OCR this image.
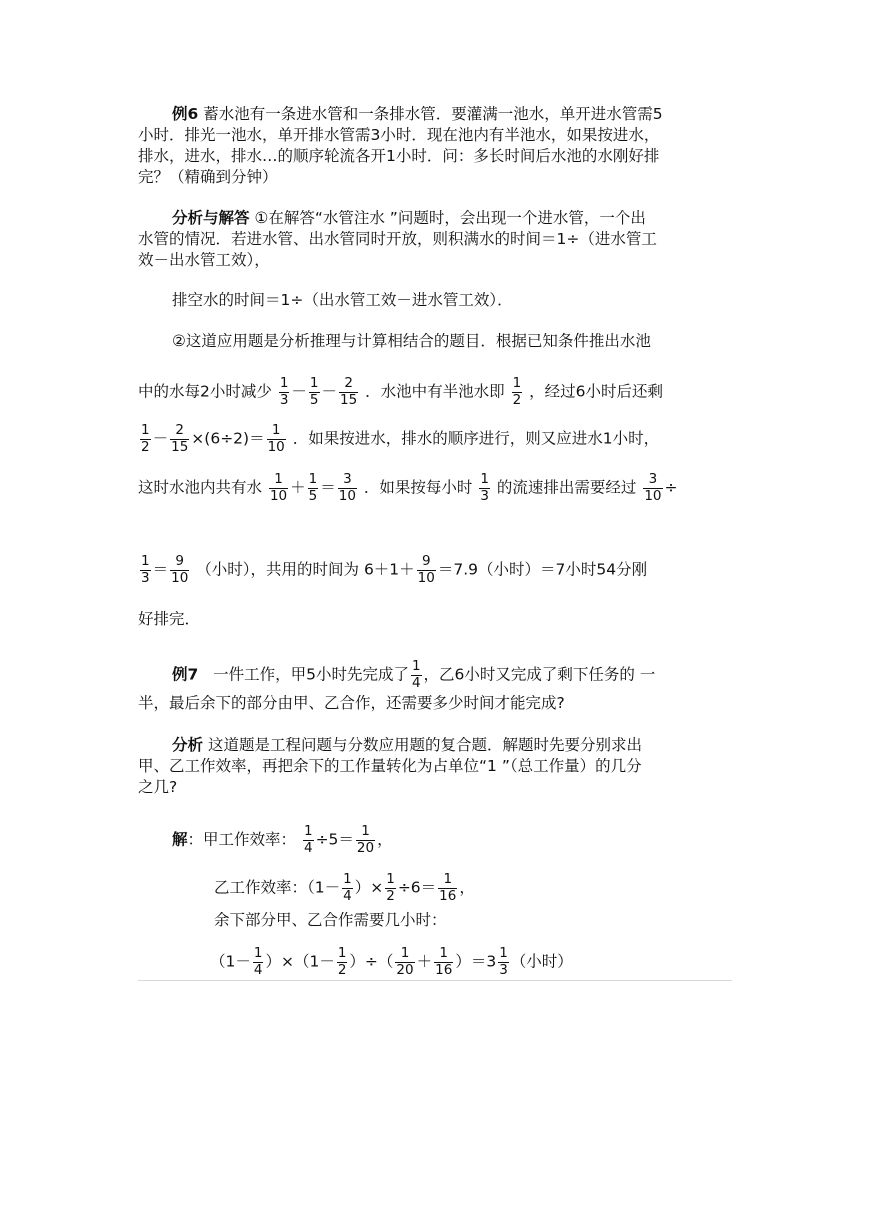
例6 蓄水池有一条进水管和一条排水管．要灌满一池水，单开进水管需5
小时．排光一池水，单开排水管需3小时．现在池内有半池水，如果按进水，
排水，进水，排水…的顺序轮流各开1小时．问：多长时间后水池的水刚好排
完？（精确到分钟）
分析与解答 ①在解答“水管注水 ”问题时，会出现一个进水管，一个出
水管的情况．若进水管、出水管同时开放，则积满水的时间＝1÷（进水管工
效－出水管工效），
排空水的时间＝1÷（出水管工效－进水管工效）．
②这道应用题是分析推理与计算相结合的题目．根据已知条件推出水池
中的水每2小时减少 $\frac{1}{3} - \frac{1}{5} - \frac{2}{15}$ ．水池中有半池水即 $\frac{1}{2}$ ，经过6小时后还剩
$\frac{1}{2} - \frac{2}{15} \times(6\div 2)= \frac{1}{10}$ ．如果按进水，排水的顺序进行，则又应进水1小时，
这时水池内共有水 $\frac{1}{10} + \frac{1}{5} = \frac{3}{10}$ ．如果按每小时 $\frac{1}{3}$ 的流速排出需要经过 $\frac{3}{10}$ ÷
$\frac{1}{3} = \frac{9}{10}$ （小时），共用的时间为 $6+1+ \frac{9}{10} =7.9$（小时）＝7小时54分刚
好排完．
例7 一件工作，甲5小时先完成了 $\frac{1}{4}$ ，乙6小时又完成了剩下任务的 一
半，最后余下的部分由甲、乙合作，还需要多少时间才能完成?
分析 这道题是工程问题与分数应用题的复合题．解题时先要分别求出
甲、乙工作效率，再把余下的工作量转化为占单位“1 ”（总工作量）的几分
之几?
解：甲工作效率： $\frac{1}{4} \div 5= \frac{1}{20}$ ，
乙工作效率：（$1- \frac{1}{4}$ ）× $\frac{1}{2} \div 6= \frac{1}{16}$ ，
余下部分甲、乙合作需要几小时：
$(1- \frac{1}{4} )\times(1- \frac{1}{2}$ ）÷（ $\frac{1}{20} + \frac{1}{16} )=3 \frac{1}{3}$ （小时）
